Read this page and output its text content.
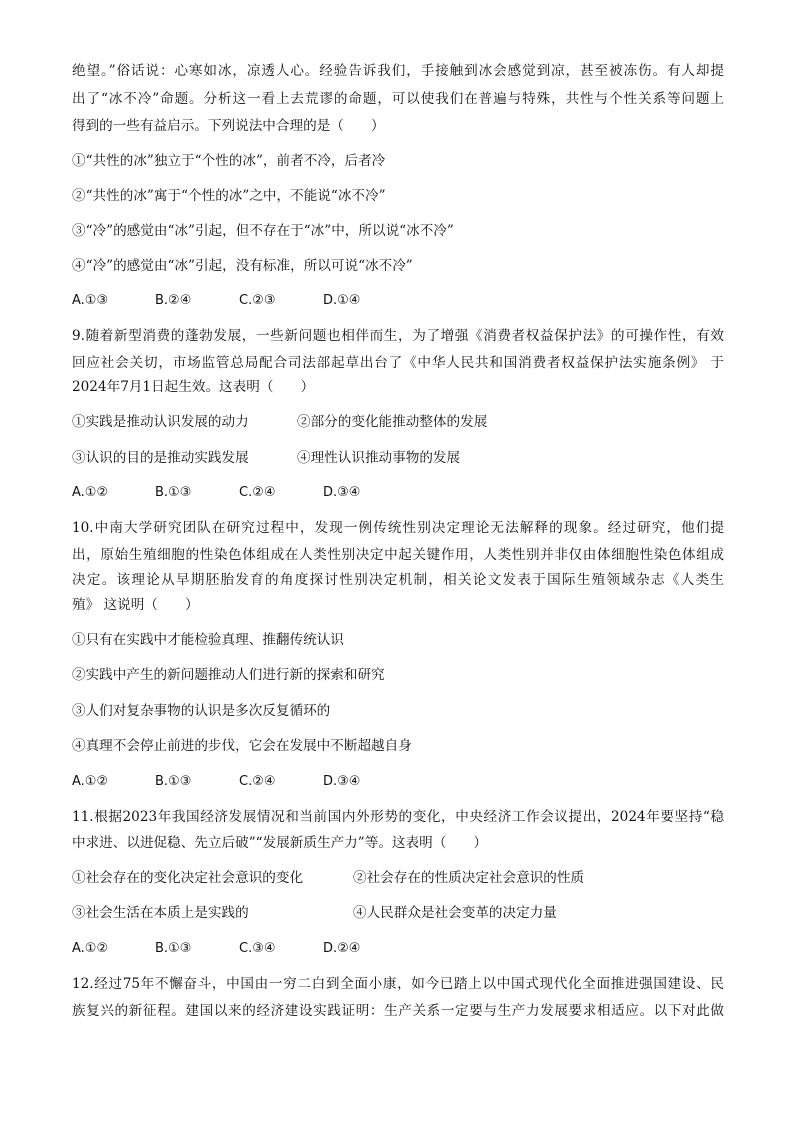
绝望。”俗话说：心寒如冰，凉透人心。经验告诉我们，手接触到冰会感觉到凉，甚至被冻伤。有人却提
出了“冰不冷”命题。分析这一看上去荒谬的命题，可以使我们在普遍与特殊，共性与个性关系等问题上
得到的一些有益启示。下列说法中合理的是（　　）
①“共性的冰”独立于“个性的冰”，前者不冷，后者冷
②“共性的冰”寓于“个性的冰”之中，不能说“冰不冷”
③“冷”的感觉由“冰”引起，但不存在于“冰”中，所以说“冰不冷”
④“冷”的感觉由“冰”引起，没有标准，所以可说“冰不冷”
A.①③	B.②④	C.②③	D.①④
9.随着新型消费的蓬勃发展，一些新问题也相伴而生，为了增强《消费者权益保护法》的可操作性，有效
回应社会关切，市场监管总局配合司法部起草出台了《中华人民共和国消费者权益保护法实施条例》 于
2024年7月1日起生效。这表明（　　）
①实践是推动认识发展的动力	②部分的变化能推动整体的发展
③认识的目的是推动实践发展	④理性认识推动事物的发展
A.①②	B.①③	C.②④	D.③④
10.中南大学研究团队在研究过程中，发现一例传统性别决定理论无法解释的现象。经过研究，他们提
出，原始生殖细胞的性染色体组成在人类性别决定中起关键作用，人类性别并非仅由体细胞性染色体组成
决定。该理论从早期胚胎发育的角度探讨性别决定机制，相关论文发表于国际生殖领域杂志《人类生
殖》 这说明（　　）
①只有在实践中才能检验真理、推翻传统认识
②实践中产生的新问题推动人们进行新的探索和研究
③人们对复杂事物的认识是多次反复循环的
④真理不会停止前进的步伐，它会在发展中不断超越自身
A.①②	B.①③	C.②④	D.③④
11.根据2023年我国经济发展情况和当前国内外形势的变化，中央经济工作会议提出，2024年要坚持“稳
中求进、以进促稳、先立后破”“发展新质生产力”等。这表明（　　）
①社会存在的变化决定社会意识的变化	②社会存在的性质决定社会意识的性质
③社会生活在本质上是实践的	④人民群众是社会变革的决定力量
A.①②	B.①③	C.③④	D.②④
12.经过75年不懈奋斗，中国由一穷二白到全面小康，如今已踏上以中国式现代化全面推进强国建设、民
族复兴的新征程。建国以来的经济建设实践证明：生产关系一定要与生产力发展要求相适应。以下对此做
